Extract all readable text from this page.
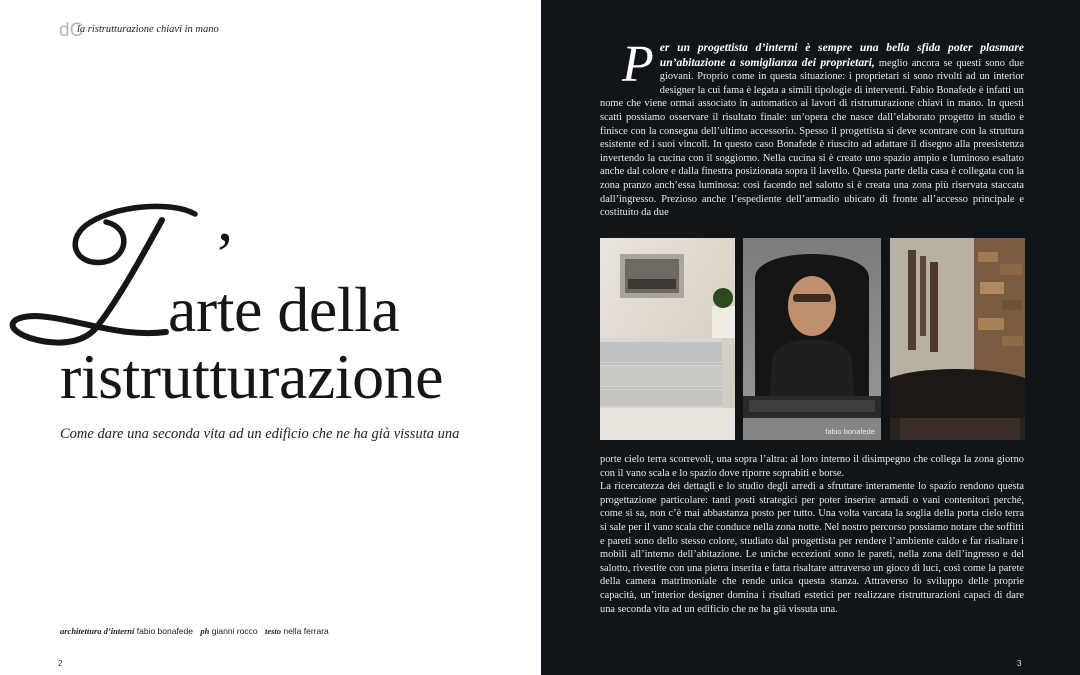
dC
la ristrutturazione chiavi in mano
’
L
arte della
ristrutturazione
Come dare una seconda vita ad un edificio che ne ha già vissuta una
architettura d’interni fabio bonafede ph gianni rocco testo nella ferrara
2
Per un progettista d’interni è sempre una bella sfida poter plasmare un’abitazione a somiglianza dei proprietari, meglio ancora se questi sono due giovani. Proprio come in questa situazione: i proprietari si sono rivolti ad un interior designer la cui fama è legata a simili tipologie di interventi. Fabio Bonafede è infatti un nome che viene ormai associato in automatico ai lavori di ristrutturazione chiavi in mano. In questi scatti possiamo osservare il risultato finale: un’opera che nasce dall’elaborato progetto in studio e finisce con la consegna dell’ultimo accessorio. Spesso il progettista si deve scontrare con la struttura esistente ed i suoi vincoli. In questo caso Bonafede è riuscito ad adattare il disegno alla preesistenza invertendo la cucina con il soggiorno. Nella cucina si è creato uno spazio ampio e luminoso esaltato anche dal colore e dalla finestra posizionata sopra il lavello. Questa parte della casa è collegata con la zona pranzo anch’essa luminosa: così facendo nel salotto si è creata una zona più riservata staccata dall’ingresso. Prezioso anche l’espediente dell’armadio ubicato di fronte all’accesso principale e costituito da due
fabio bonafede
porte cielo terra scorrevoli, una sopra l’altra: al loro interno il disimpegno che collega la zona giorno con il vano scala e lo spazio dove riporre soprabiti e borse.
La ricercatezza dei dettagli e lo studio degli arredi a sfruttare interamente lo spazio rendono questa progettazione particolare: tanti posti strategici per poter inserire armadi o vani contenitori perché, come si sa, non c’è mai abbastanza posto per tutto. Una volta varcata la soglia della porta cielo terra si sale per il vano scala che conduce nella zona notte. Nel nostro percorso possiamo notare che soffitti e pareti sono dello stesso colore, studiato dal progettista per rendere l’ambiente caldo e far risaltare i mobili all’interno dell’abitazione. Le uniche eccezioni sono le pareti, nella zona dell’ingresso e del salotto, rivestite con una pietra inserita e fatta risaltare attraverso un gioco di luci, così come la parete della camera matrimoniale che rende unica questa stanza. Attraverso lo sviluppo delle proprie capacità, un’interior designer domina i risultati estetici per realizzare ristrutturazioni capaci di dare una seconda vita ad un edificio che ne ha già vissuta una.
3
